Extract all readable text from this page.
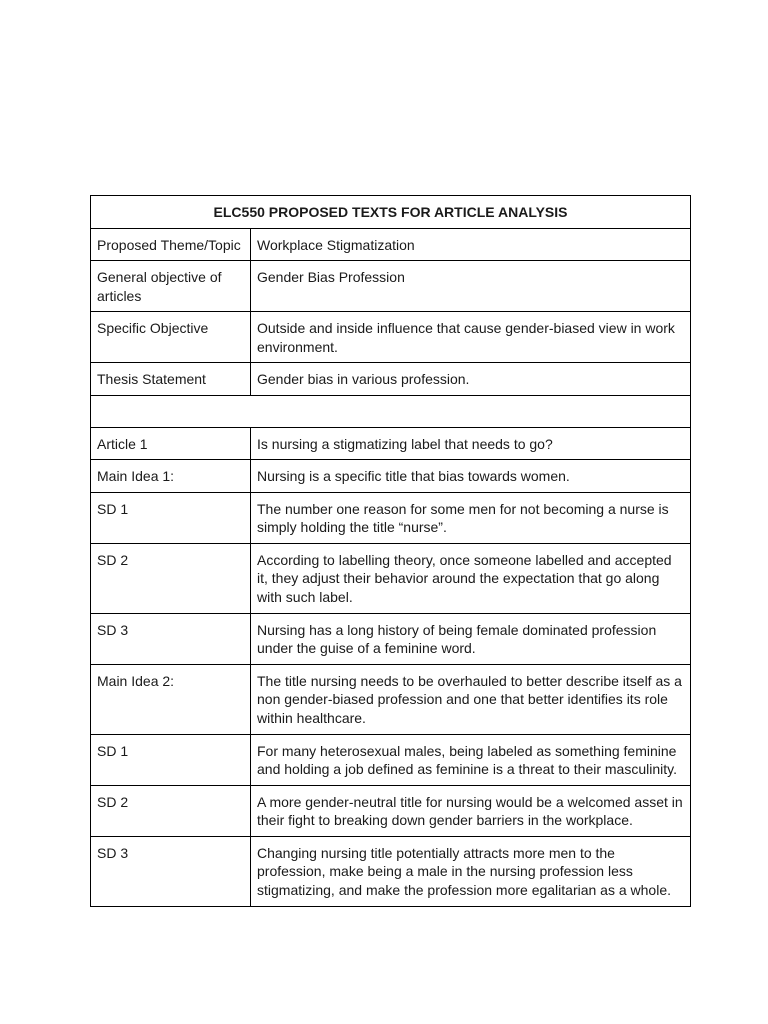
ELC550 PROPOSED TEXTS FOR ARTICLE ANALYSIS	
Proposed Theme/Topic	Workplace Stigmatization
General objective of articles	Gender Bias Profession
Specific Objective	Outside and inside influence that cause gender-biased view in work environment.
Thesis Statement	Gender bias in various profession.

Article 1	Is nursing a stigmatizing label that needs to go?
Main Idea 1:	Nursing is a specific title that bias towards women.
SD 1	The number one reason for some men for not becoming a nurse is simply holding the title “nurse”.
SD 2	According to labelling theory, once someone labelled and accepted it, they adjust their behavior around the expectation that go along with such label.
SD 3	Nursing has a long history of being female dominated profession under the guise of a feminine word.
Main Idea 2:	The title nursing needs to be overhauled to better describe itself as a non gender-biased profession and one that better identifies its role within healthcare.
SD 1	For many heterosexual males, being labeled as something feminine and holding a job defined as feminine is a threat to their masculinity.
SD 2	A more gender-neutral title for nursing would be a welcomed asset in their fight to breaking down gender barriers in the workplace.
SD 3	Changing nursing title potentially attracts more men to the profession, make being a male in the nursing profession less stigmatizing, and make the profession more egalitarian as a whole.
